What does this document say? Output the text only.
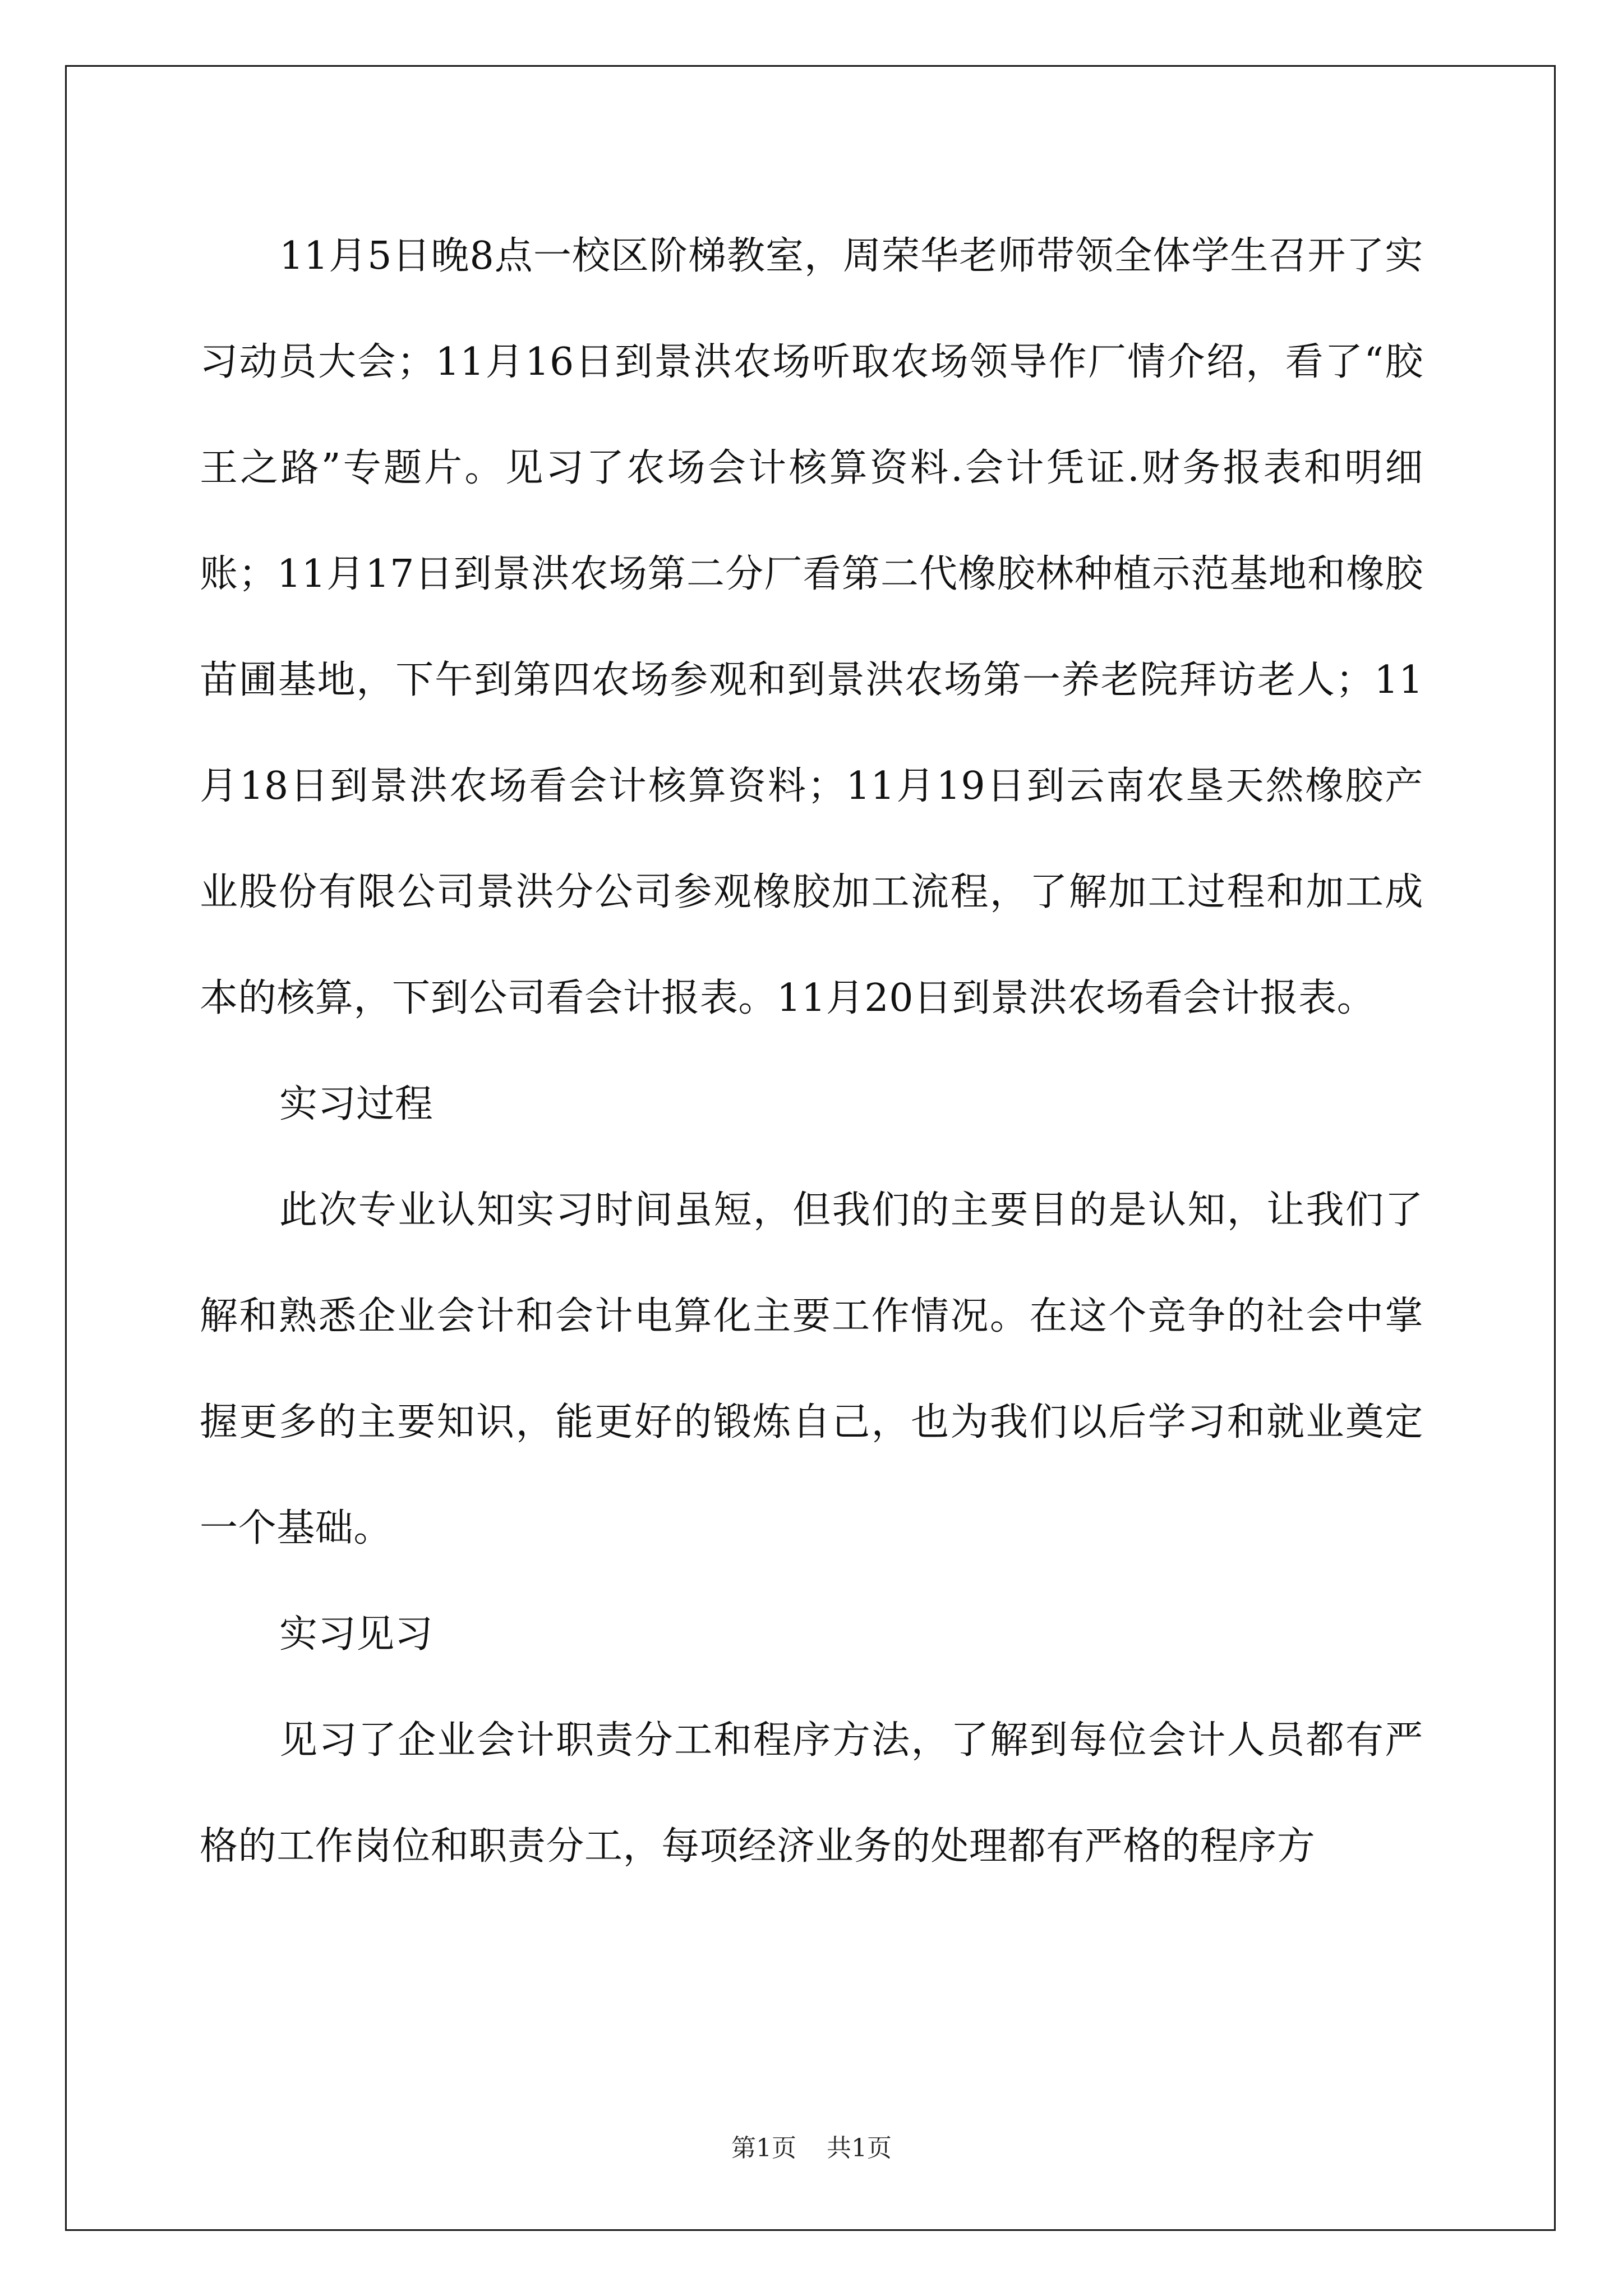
11月5日晚8点一校区阶梯教室，周荣华老师带领全体学生召开了实习动员大会；11月16日到景洪农场听取农场领导作厂情介绍，看了“胶王之路”专题片。见习了农场会计核算资料.会计凭证.财务报表和明细账；11月17日到景洪农场第二分厂看第二代橡胶林种植示范基地和橡胶苗圃基地，下午到第四农场参观和到景洪农场第一养老院拜访老人；11月18日到景洪农场看会计核算资料；11月19日到云南农垦天然橡胶产业股份有限公司景洪分公司参观橡胶加工流程，了解加工过程和加工成本的核算，下到公司看会计报表。11月20日到景洪农场看会计报表。

实习过程

此次专业认知实习时间虽短，但我们的主要目的是认知，让我们了解和熟悉企业会计和会计电算化主要工作情况。在这个竞争的社会中掌握更多的主要知识，能更好的锻炼自己，也为我们以后学习和就业奠定一个基础。

实习见习

见习了企业会计职责分工和程序方法，了解到每位会计人员都有严格的工作岗位和职责分工，每项经济业务的处理都有严格的程序方

第1页 共1页
